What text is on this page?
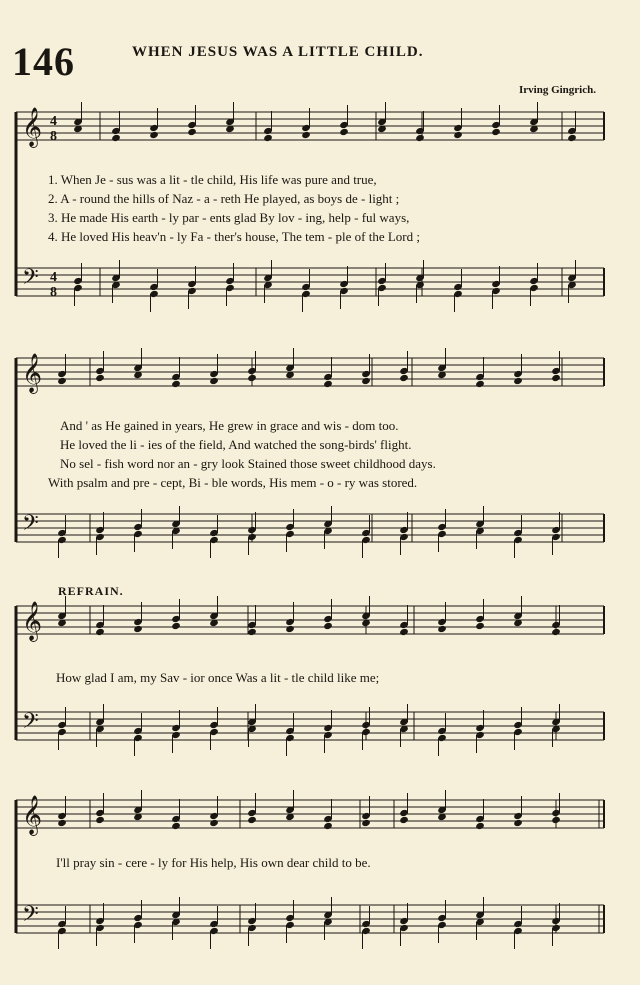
146	WHEN JESUS WAS A LITTLE CHILD.
Irving Gingrich.
𝄞 4
8
𝄢 4
8
𝄞
𝄢
𝄞
𝄢
𝄞
𝄢
1. When Je - sus was a lit - tle child, His life was pure and true,
2. A - round the hills of Naz - a - reth He played, as boys de - light ;
3. He made His earth - ly par - ents glad By lov - ing, help - ful ways,
4. He loved His heav'n - ly Fa - ther's house, The tem - ple of the Lord ;
And ' as He gained in years, He grew in grace and wis - dom too.
He loved the li - ies of the field, And watched the song-birds' flight.
No sel - fish word nor an - gry look Stained those sweet childhood days.
With psalm and pre - cept, Bi - ble words, His mem - o - ry was stored.
REFRAIN.
How glad I am, my Sav - ior once Was a lit - tle child like me;
I'll pray sin - cere - ly for His help, His own dear child to be.
